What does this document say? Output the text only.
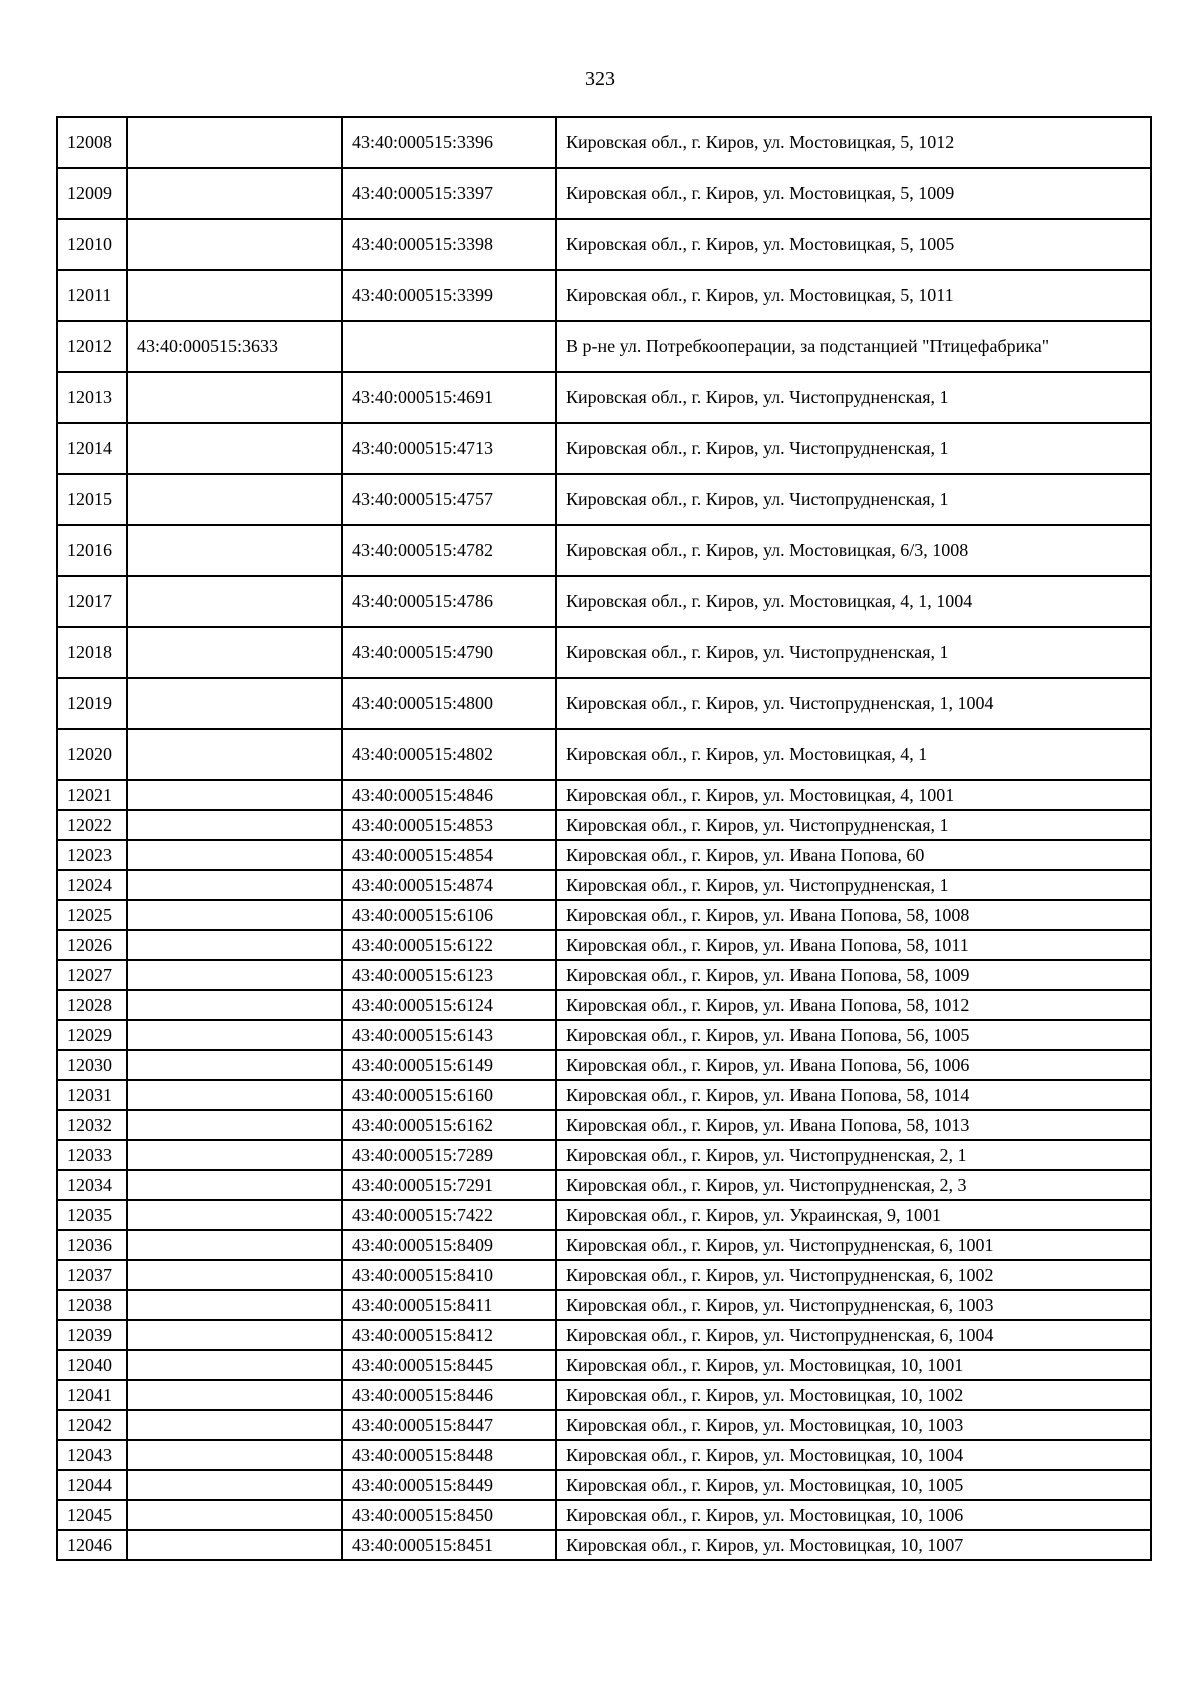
323
12008		43:40:000515:3396	Кировская обл., г. Киров, ул. Мостовицкая, 5, 1012
12009		43:40:000515:3397	Кировская обл., г. Киров, ул. Мостовицкая, 5, 1009
12010		43:40:000515:3398	Кировская обл., г. Киров, ул. Мостовицкая, 5, 1005
12011		43:40:000515:3399	Кировская обл., г. Киров, ул. Мостовицкая, 5, 1011
12012	43:40:000515:3633		В р-не ул. Потребкооперации, за подстанцией "Птицефабрика"
12013		43:40:000515:4691	Кировская обл., г. Киров, ул. Чистопрудненская, 1
12014		43:40:000515:4713	Кировская обл., г. Киров, ул. Чистопрудненская, 1
12015		43:40:000515:4757	Кировская обл., г. Киров, ул. Чистопрудненская, 1
12016		43:40:000515:4782	Кировская обл., г. Киров, ул. Мостовицкая, 6/3, 1008
12017		43:40:000515:4786	Кировская обл., г. Киров, ул. Мостовицкая, 4, 1, 1004
12018		43:40:000515:4790	Кировская обл., г. Киров, ул. Чистопрудненская, 1
12019		43:40:000515:4800	Кировская обл., г. Киров, ул. Чистопрудненская, 1, 1004
12020		43:40:000515:4802	Кировская обл., г. Киров, ул. Мостовицкая, 4, 1
12021		43:40:000515:4846	Кировская обл., г. Киров, ул. Мостовицкая, 4, 1001
12022		43:40:000515:4853	Кировская обл., г. Киров, ул. Чистопрудненская, 1
12023		43:40:000515:4854	Кировская обл., г. Киров, ул. Ивана Попова, 60
12024		43:40:000515:4874	Кировская обл., г. Киров, ул. Чистопрудненская, 1
12025		43:40:000515:6106	Кировская обл., г. Киров, ул. Ивана Попова, 58, 1008
12026		43:40:000515:6122	Кировская обл., г. Киров, ул. Ивана Попова, 58, 1011
12027		43:40:000515:6123	Кировская обл., г. Киров, ул. Ивана Попова, 58, 1009
12028		43:40:000515:6124	Кировская обл., г. Киров, ул. Ивана Попова, 58, 1012
12029		43:40:000515:6143	Кировская обл., г. Киров, ул. Ивана Попова, 56, 1005
12030		43:40:000515:6149	Кировская обл., г. Киров, ул. Ивана Попова, 56, 1006
12031		43:40:000515:6160	Кировская обл., г. Киров, ул. Ивана Попова, 58, 1014
12032		43:40:000515:6162	Кировская обл., г. Киров, ул. Ивана Попова, 58, 1013
12033		43:40:000515:7289	Кировская обл., г. Киров, ул. Чистопрудненская, 2, 1
12034		43:40:000515:7291	Кировская обл., г. Киров, ул. Чистопрудненская, 2, 3
12035		43:40:000515:7422	Кировская обл., г. Киров, ул. Украинская, 9, 1001
12036		43:40:000515:8409	Кировская обл., г. Киров, ул. Чистопрудненская, 6, 1001
12037		43:40:000515:8410	Кировская обл., г. Киров, ул. Чистопрудненская, 6, 1002
12038		43:40:000515:8411	Кировская обл., г. Киров, ул. Чистопрудненская, 6, 1003
12039		43:40:000515:8412	Кировская обл., г. Киров, ул. Чистопрудненская, 6, 1004
12040		43:40:000515:8445	Кировская обл., г. Киров, ул. Мостовицкая, 10, 1001
12041		43:40:000515:8446	Кировская обл., г. Киров, ул. Мостовицкая, 10, 1002
12042		43:40:000515:8447	Кировская обл., г. Киров, ул. Мостовицкая, 10, 1003
12043		43:40:000515:8448	Кировская обл., г. Киров, ул. Мостовицкая, 10, 1004
12044		43:40:000515:8449	Кировская обл., г. Киров, ул. Мостовицкая, 10, 1005
12045		43:40:000515:8450	Кировская обл., г. Киров, ул. Мостовицкая, 10, 1006
12046		43:40:000515:8451	Кировская обл., г. Киров, ул. Мостовицкая, 10, 1007
